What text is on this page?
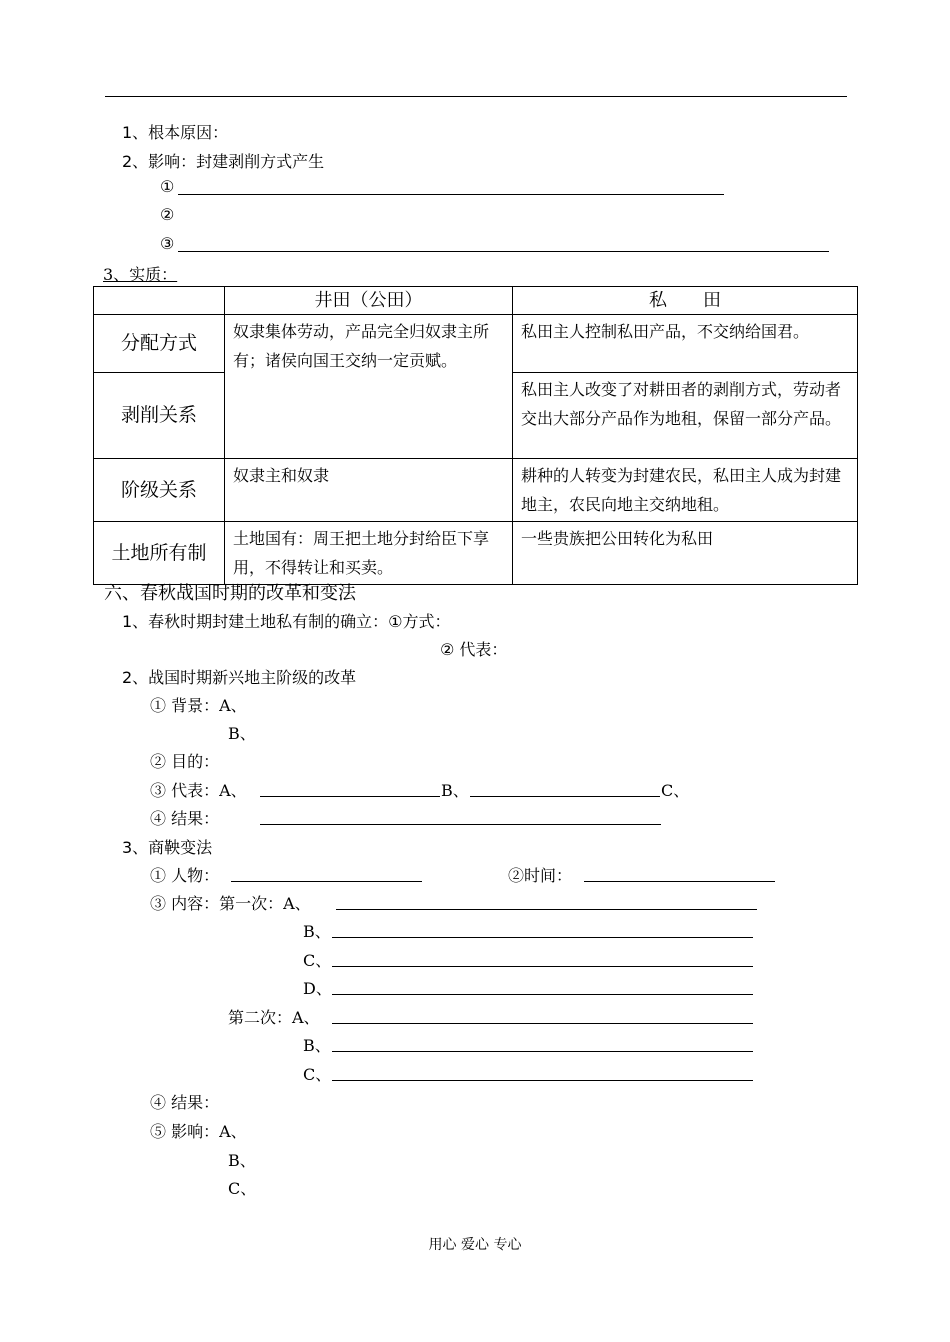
1、根本原因：
2、影响：封建剥削方式产生
①
②
③
3、实质：
	井田（公田）	私　　田
分配方式	奴隶集体劳动，产品完全归奴隶主所有；诸侯向国王交纳一定贡赋。	私田主人控制私田产品，不交纳给国君。
剥削关系		私田主人改变了对耕田者的剥削方式，劳动者交出大部分产品作为地租，保留一部分产品。
阶级关系	奴隶主和奴隶	耕种的人转变为封建农民，私田主人成为封建地主，农民向地主交纳地租。
土地所有制	土地国有：周王把土地分封给臣下享用，不得转让和买卖。	一些贵族把公田转化为私田
六、春秋战国时期的改革和变法
1、春秋时期封建土地私有制的确立：①方式：
② 代表：
2、战国时期新兴地主阶级的改革
① 背景：A、
B、
② 目的：
③ 代表：A、	B、	C、
④ 结果：
3、商鞅变法
① 人物：	②时间：
③ 内容：第一次：A、
B、
C、
D、
第二次：A、
B、
C、
④ 结果：
⑤ 影响：A、
B、
C、
用心 爱心 专心
